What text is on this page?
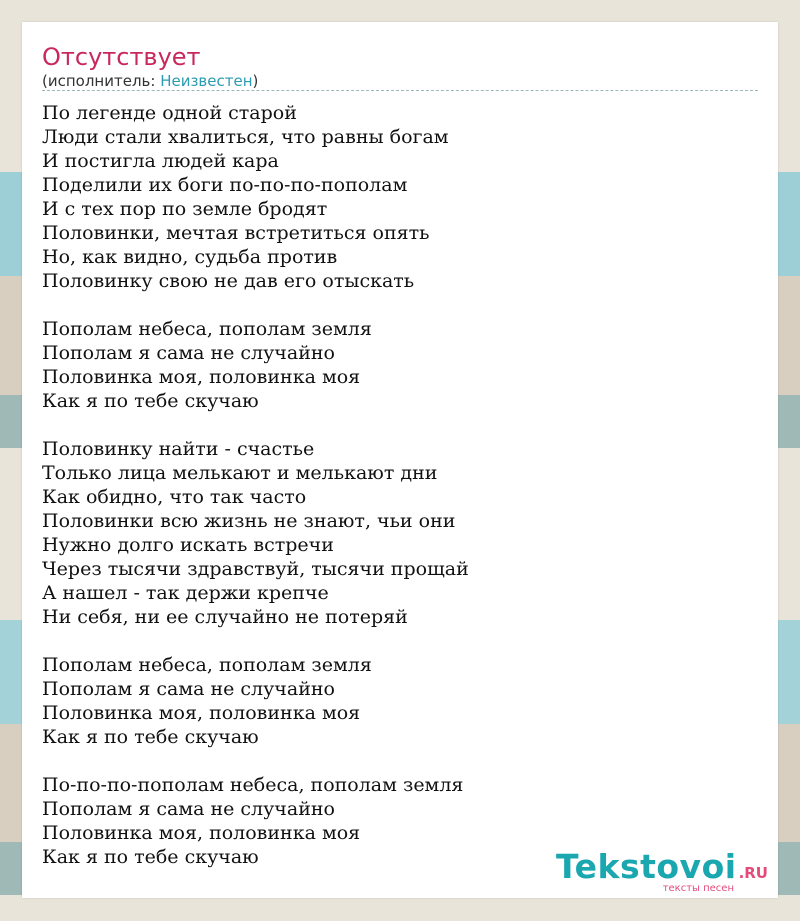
Отсутствует
(исполнитель: Неизвестен)
По легенде одной старой
Люди стали хвалиться, что равны богам
И постигла людей кара
Поделили их боги по-по-по-пополам
И с тех пор по земле бродят
Половинки, мечтая встретиться опять
Но, как видно, судьба против
Половинку свою не дав его отыскать
Пополам небеса, пополам земля
Пополам я сама не случайно
Половинка моя, половинка моя
Как я по тебе скучаю
Половинку найти - счастье
Только лица мелькают и мелькают дни
Как обидно, что так часто
Половинки всю жизнь не знают, чьи они
Нужно долго искать встречи
Через тысячи здравствуй, тысячи прощай
А нашел - так держи крепче
Ни себя, ни ее случайно не потеряй
Пополам небеса, пополам земля
Пополам я сама не случайно
Половинка моя, половинка моя
Как я по тебе скучаю
По-по-по-пополам небеса, пополам земля
Пополам я сама не случайно
Половинка моя, половинка моя
Как я по тебе скучаю	Tekstovoi .RU
тексты песен
